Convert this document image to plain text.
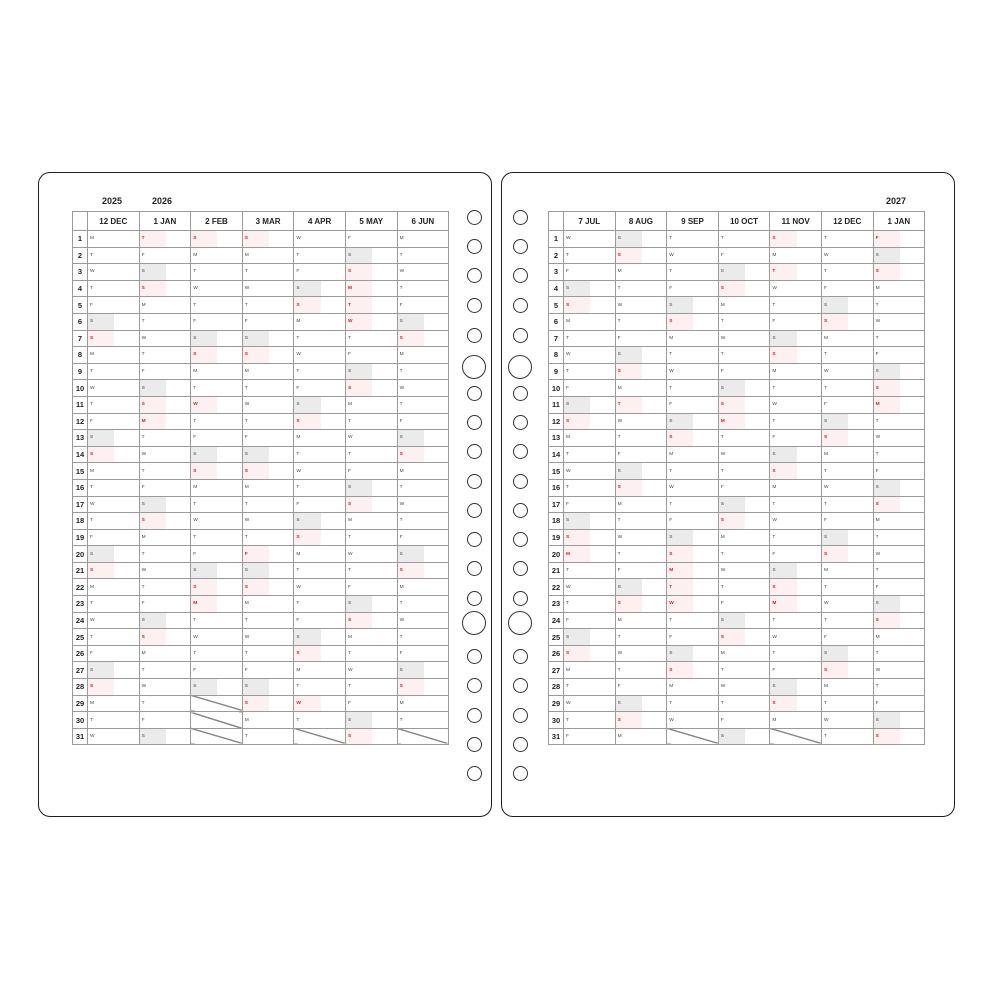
2025	2026	2027
	12 DEC	1 JAN	2 FEB	3 MAR	4 APR	5 MAY	6 JUN
1	M	T	S	S	W	F	M
2	T	F	M	M	T	S	T
3	W	S	T	T	F	S	W
4	T	S	W	W	S	M	T
5	F	M	T	T	S	T	F
6	S	T	F	F	M	W	S
7	S	W	S	S	T	T	S
8	M	T	S	S	W	F	M
9	T	F	M	M	T	S	T
10	W	S	T	T	F	S	W
11	T	S	W	W	S	M	T
12	F	M	T	T	S	T	F
13	S	T	F	F	M	W	S
14	S	W	S	S	T	T	S
15	M	T	S	S	W	F	M
16	T	F	M	M	T	S	T
17	W	S	T	T	F	S	W
18	T	S	W	W	S	M	T
19	F	M	T	T	S	T	F
20	S	T	F	F	M	W	S
21	S	W	S	S	T	T	S
22	M	T	S	S	W	F	M
23	T	F	M	M	T	S	T
24	W	S	T	T	F	S	W
25	T	S	W	W	S	M	T
26	F	M	T	T	S	T	F
27	S	T	F	F	M	W	S
28	S	W	S	S	T	T	S
29	M	T		S	W	F	M
30	T	F		M	T	S	T
31	W	S		T		S	
	7 JUL	8 AUG	9 SEP	10 OCT	11 NOV	12 DEC	1 JAN
1	W	S	T	T	S	T	F
2	T	S	W	F	M	W	S
3	F	M	T	S	T	T	S
4	S	T	F	S	W	F	M
5	S	W	S	M	T	S	T
6	M	T	S	T	F	S	W
7	T	F	M	W	S	M	T
8	W	S	T	T	S	T	F
9	T	S	W	F	M	W	S
10	F	M	T	S	T	T	S
11	S	T	F	S	W	F	M
12	S	W	S	M	T	S	T
13	M	T	S	T	F	S	W
14	T	F	M	W	S	M	T
15	W	S	T	T	S	T	F
16	T	S	W	F	M	W	S
17	F	M	T	S	T	T	S
18	S	T	F	S	W	F	M
19	S	W	S	M	T	S	T
20	M	T	S	T	F	S	W
21	T	F	M	W	S	M	T
22	W	S	T	T	S	T	F
23	T	S	W	F	M	W	S
24	F	M	T	S	T	T	S
25	S	T	F	S	W	F	M
26	S	W	S	M	T	S	T
27	M	T	S	T	F	S	W
28	T	F	M	W	S	M	T
29	W	S	T	T	S	T	F
30	T	S	W	F	M	W	S
31	F	M		S		T	S
